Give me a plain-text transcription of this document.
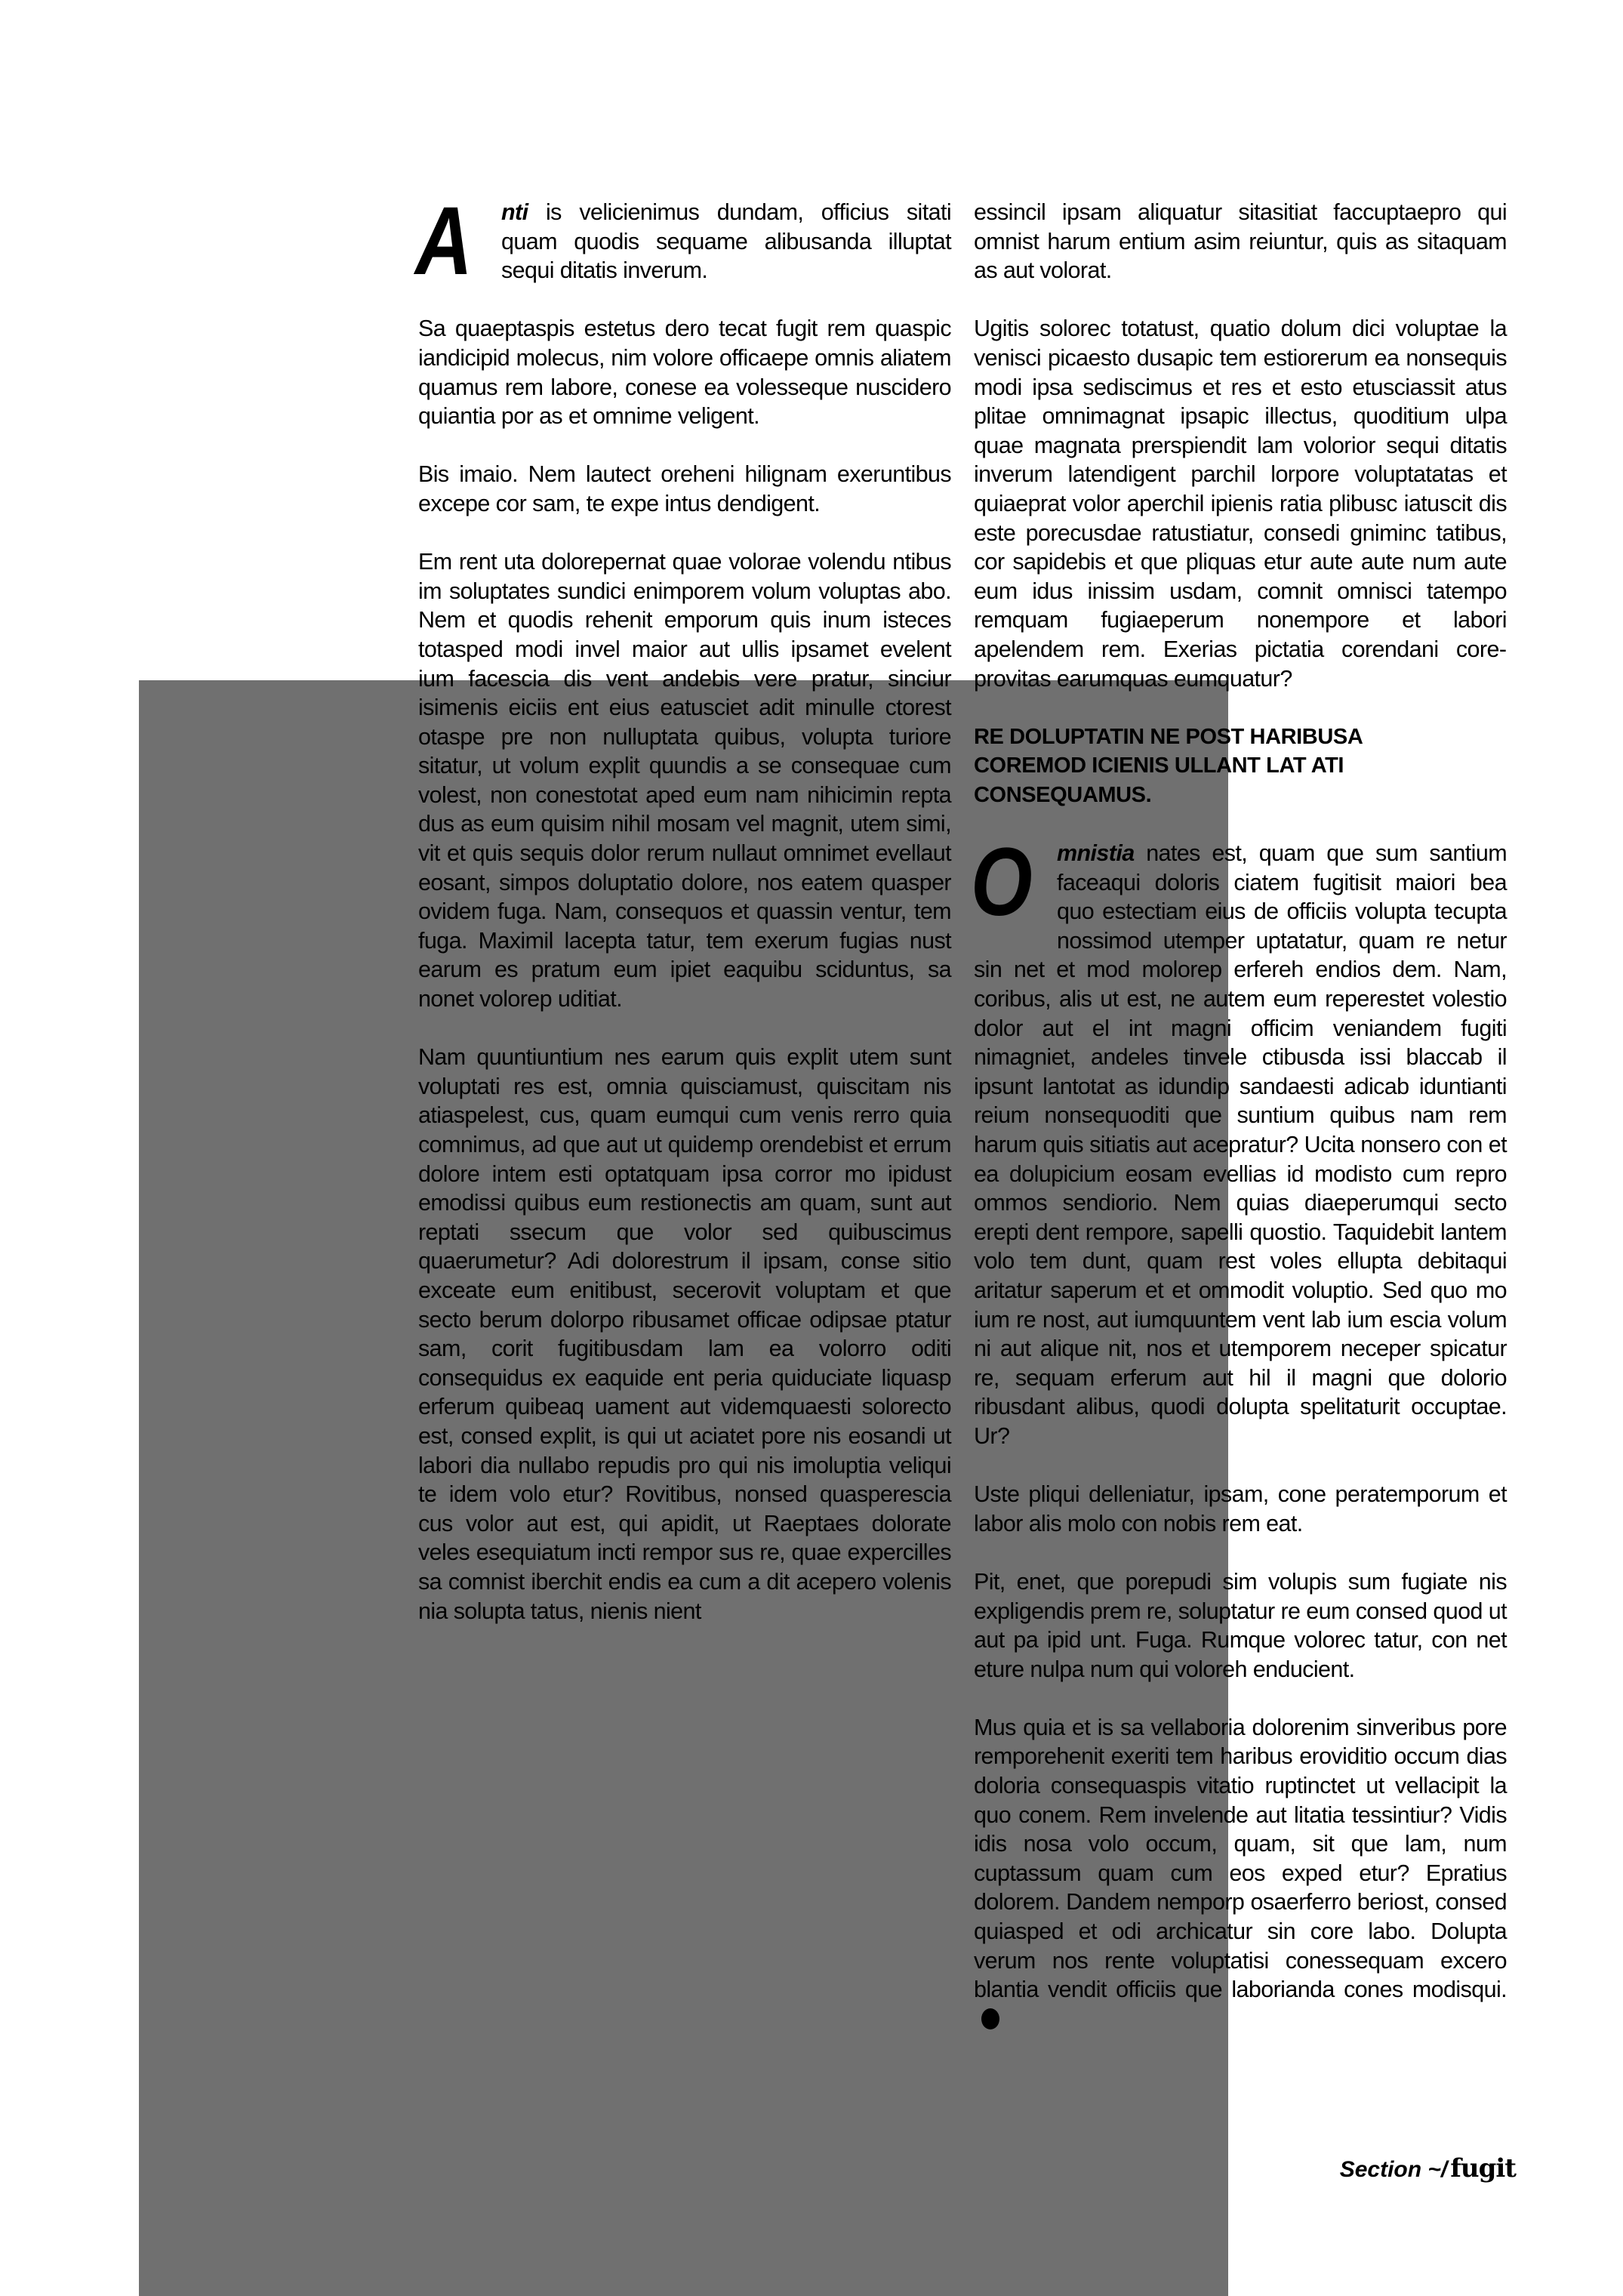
A nti is velicienimus dundam, officius sitati quam quodis sequame alibusanda illuptat sequi ditatis inverum.

Sa quaeptaspis estetus dero tecat fugit rem quaspic iandicipid molecus, nim volore officaepe omnis aliatem quamus rem labore, conese ea volesseque nuscidero quiantia por as et omnime veligent.

Bis imaio. Nem lautect oreheni hilignam exeruntibus excepe cor sam, te expe intus dendigent.

Em rent uta dolorepernat quae volorae volendu ntibus im soluptates sundici enimporem volum voluptas abo. Nem et quodis rehenit emporum quis inum isteces totasped modi invel maior aut ullis ipsamet evelent ium facescia dis vent andebis vere pratur, sinciur isimenis eiciis ent eius eatusciet adit minulle ctorest otaspe pre non nulluptata quibus, volupta turiore sitatur, ut volum explit quundis a se consequae cum volest, non conestotat aped eum nam nihicimin repta dus as eum quisim nihil mosam vel magnit, utem simi, vit et quis sequis dolor rerum nullaut omnimet evellaut eosant, simpos doluptatio dolore, nos eatem quasper ovidem fuga. Nam, consequos et quassin ventur, tem fuga. Maximil lacepta tatur, tem exerum fugias nust earum es pratum eum ipiet eaquibu sciduntus, sa nonet volorep uditiat.

Nam quuntiuntium nes earum quis explit utem sunt voluptati res est, omnia quisciamust, quiscitam nis atiaspelest, cus, quam eumqui cum venis rerro quia comnimus, ad que aut ut quidemp orendebist et errum dolore intem esti optatquam ipsa corror mo ipidust emodissi quibus eum restionectis am quam, sunt aut reptati ssecum que volor sed quibuscimus quaerumetur? Adi dolorestrum il ipsam, conse sitio exceate eum enitibust, secerovit voluptam et que secto berum dolorpo ribusamet officae odipsae ptatur sam, corit fugitibusdam lam ea volorro oditi consequidus ex eaquide ent peria quiduciate liquasp erferum quibeaq uament aut videmquaesti solorecto est, consed explit, is qui ut aciatet pore nis eosandi ut labori dia nullabo repudis pro qui nis imoluptia veliqui te idem volo etur? Rovitibus, nonsed quasperescia cus volor aut est, qui apidit, ut Raeptaes dolorate veles esequiatum incti rempor sus re, quae expercilles sa comnist iberchit endis ea cum a dit acepero volenis nia solupta tatus, nienis nient

essincil ipsam aliquatur sitasitiat faccuptaepro qui omnist harum entium asim reiuntur, quis as sitaquam as aut volorat.

Ugitis solorec totatust, quatio dolum dici voluptae la venisci picaesto dusapic tem estiorerum ea nonsequis modi ipsa sediscimus et res et esto etusciassit atus plitae omnimagnat ipsapic illectus, quoditium ulpa quae magnata prerspiendit lam volorior sequi ditatis inverum latendigent parchil lorpore voluptatatas et quiaeprat volor aperchil ipienis ratia plibusc iatuscit dis este porecusdae ratustiatur, consedi gniminc tatibus, cor sapidebis et que pliquas etur aute aute num aute eum idus inissim usdam, comnit omnisci tatempo remquam fugiaeperum nonempore et labori apelendem rem. Exerias pictatia corendani coreprovitas earumquas eumquatur?

RE DOLUPTATIN NE POST HARIBUSA COREMOD ICIENIS ULLANT LAT ATI CONSEQUAMUS.

O mnistia nates est, quam que sum santium faceaqui doloris ciatem fugitisit maiori bea quo estectiam eius de officiis volupta tecupta nossimod utemper uptatatur, quam re netur sin net et mod molorep erfereh endios dem. Nam, coribus, alis ut est, ne autem eum reperestet volestio dolor aut el int magni officim veniandem fugiti nimagniet, andeles tinvele ctibusda issi blaccab il ipsunt lantotat as idundip sandaesti adicab iduntianti reium nonsequoditi que suntium quibus nam rem harum quis sitiatis aut acepratur? Ucita nonsero con et ea dolupicium eosam evellias id modisto cum repro ommos sendiorio. Nem quias diaeperumqui secto erepti dent rempore, sapelli quostio. Taquidebit lantem volo tem dunt, quam rest voles ellupta debitaqui aritatur saperum et et ommodit voluptio. Sed quo mo ium re nost, aut iumquuntem vent lab ium escia volum ni aut alique nit, nos et utemporem neceper spicatur re, sequam erferum aut hil il magni que dolorio ribusdant alibus, quodi dolupta spelitaturit occuptae. Ur?

Uste pliqui delleniatur, ipsam, cone peratemporum et labor alis molo con nobis rem eat.

Pit, enet, que porepudi sim volupis sum fugiate nis expligendis prem re, soluptatur re eum consed quod ut aut pa ipid unt. Fuga. Rumque volorec tatur, con net eture nulpa num qui voloreh enducient.

Mus quia et is sa vellaboria dolorenim sinveribus pore remporehenit exeriti tem haribus eroviditio occum dias doloria consequaspis vitatio ruptinctet ut vellacipit la quo conem. Rem invelende aut litatia tessintiur? Vidis idis nosa volo occum, quam, sit que lam, num cuptassum quam cum eos exped etur? Epratius dolorem. Dandem nemporp osaerferro beriost, consed quiasped et odi archicatur sin core labo. Dolupta verum nos rente voluptatisi conessequam excero blantia vendit officiis que laborianda cones modisqui.

Section ~/ fugit
